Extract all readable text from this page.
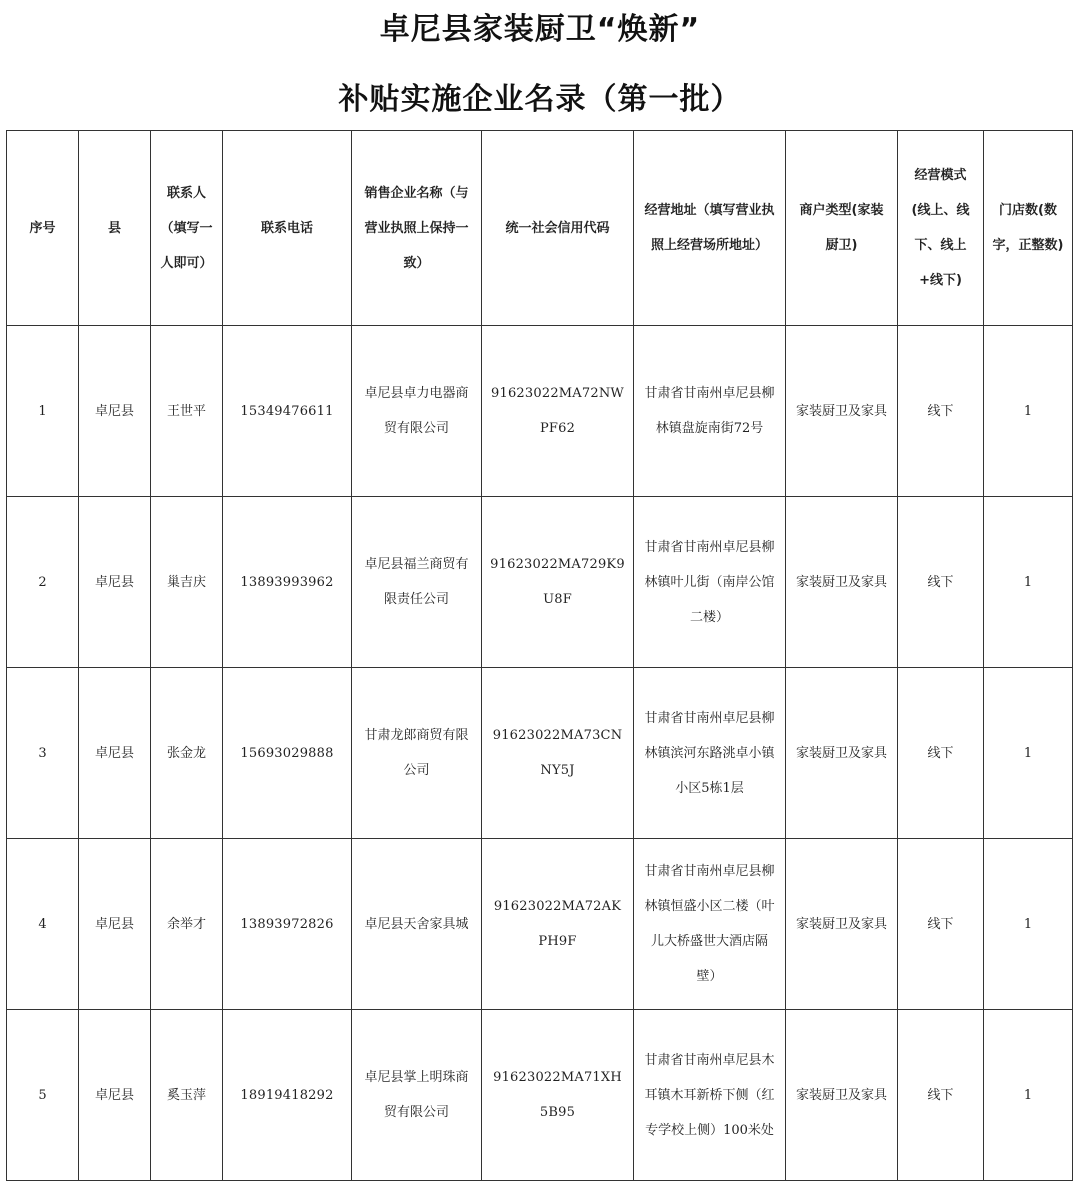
卓尼县家装厨卫“焕新”
补贴实施企业名录（第一批）
序号	县	联系人（填写一人即可）	联系电话	销售企业名称（与营业执照上保持一致）	统一社会信用代码	经营地址（填写营业执照上经营场所地址）	商户类型(家装厨卫)	经营模式(线上、线下、线上+线下)	门店数(数字，正整数)
1	卓尼县	王世平	15349476611	卓尼县卓力电器商贸有限公司	91623022MA72NWPF62	甘肃省甘南州卓尼县柳林镇盘旋南街72号	家装厨卫及家具	线下	1
2	卓尼县	巢吉庆	13893993962	卓尼县福兰商贸有限责任公司	91623022MA729K9U8F	甘肃省甘南州卓尼县柳林镇叶儿街（南岸公馆二楼）	家装厨卫及家具	线下	1
3	卓尼县	张金龙	15693029888	甘肃龙郎商贸有限公司	91623022MA73CNNY5J	甘肃省甘南州卓尼县柳林镇滨河东路洮卓小镇小区5栋1层	家装厨卫及家具	线下	1
4	卓尼县	余举才	13893972826	卓尼县天舍家具城	91623022MA72AKPH9F	甘肃省甘南州卓尼县柳林镇恒盛小区二楼（叶儿大桥盛世大酒店隔壁）	家装厨卫及家具	线下	1
5	卓尼县	奚玉萍	18919418292	卓尼县掌上明珠商贸有限公司	91623022MA71XH5B95	甘肃省甘南州卓尼县木耳镇木耳新桥下侧（红专学校上侧）100米处	家装厨卫及家具	线下	1
